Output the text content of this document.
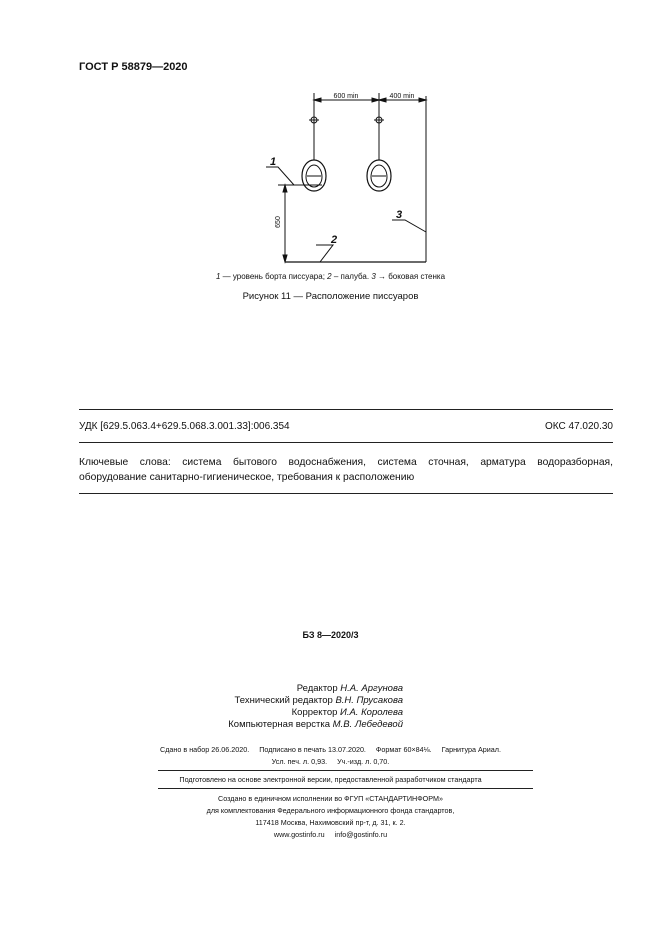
ГОСТ Р 58879—2020
600 min	400 min
650
1
2
3
1 — уровень борта писсуара; 2 – палуба. 3 → боковая стенка
Рисунок 11 — Расположение писсуаров
УДК [629.5.063.4+629.5.068.3.001.33]:006.354	ОКС 47.020.30
Ключевые слова: система бытового водоснабжения, система сточная, арматура водоразборная, оборудование санитарно-гигиеническое, требования к расположению
БЗ 8—2020/3
Редактор Н.А. Аргунова
Технический редактор В.Н. Прусакова
Корректор И.А. Королева
Компьютерная верстка М.В. Лебедевой
Сдано в набор 26.06.2020.     Подписано в печать 13.07.2020.     Формат 60×84⅛.     Гарнитура Ариал.
Усл. печ. л. 0,93.     Уч.-изд. л. 0,70.
Подготовлено на основе электронной версии, предоставленной разработчиком стандарта
Создано в единичном исполнении во ФГУП «СТАНДАРТИНФОРМ»
для комплектования Федерального информационного фонда стандартов,
117418 Москва, Нахимовский пр-т, д. 31, к. 2.
www.gostinfo.ru     info@gostinfo.ru
